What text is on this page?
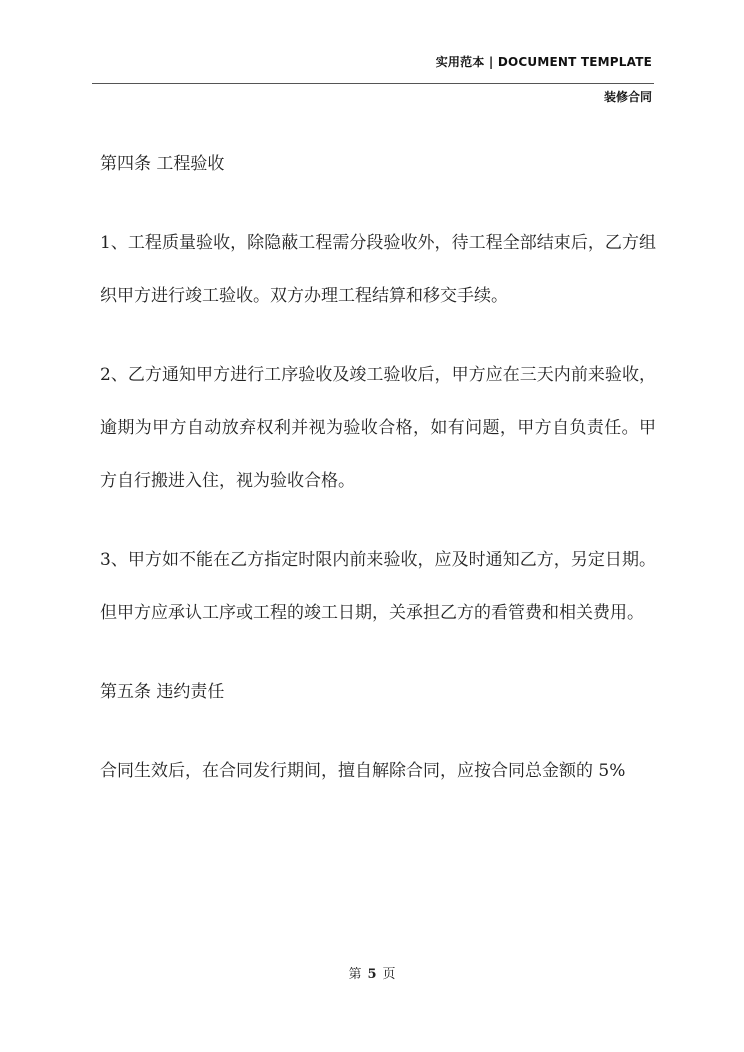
实用范本 | DOCUMENT TEMPLATE
装修合同

第四条 工程验收

1、工程质量验收，除隐蔽工程需分段验收外，待工程全部结束后，乙方组织甲方进行竣工验收。双方办理工程结算和移交手续。

2、乙方通知甲方进行工序验收及竣工验收后，甲方应在三天内前来验收，逾期为甲方自动放弃权利并视为验收合格，如有问题，甲方自负责任。甲方自行搬进入住，视为验收合格。

3、甲方如不能在乙方指定时限内前来验收，应及时通知乙方，另定日期。但甲方应承认工序或工程的竣工日期，关承担乙方的看管费和相关费用。

第五条 违约责任

合同生效后，在合同发行期间，擅自解除合同，应按合同总金额的 5%

第 5 页
